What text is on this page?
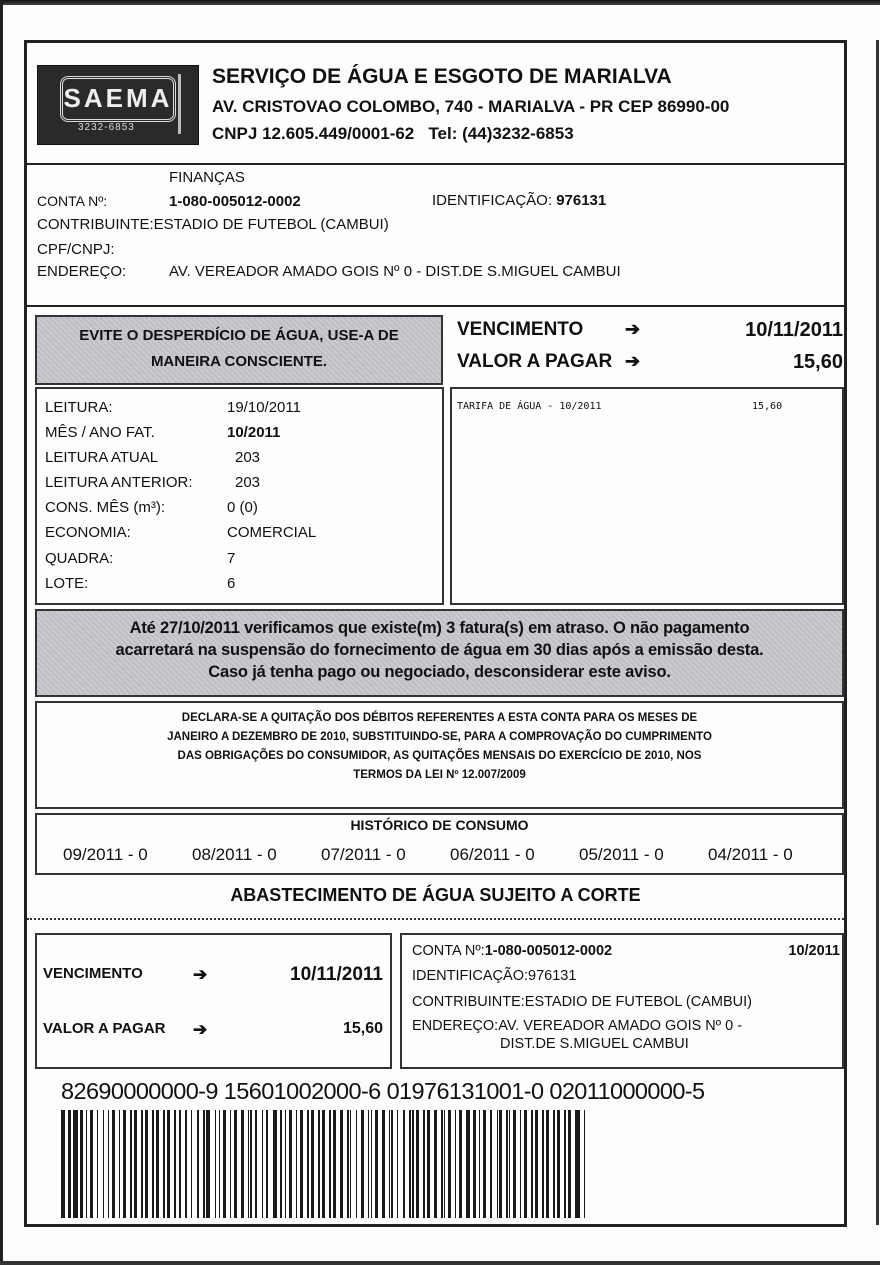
SAEMA
3232-6853
SERVIÇO DE ÁGUA E ESGOTO DE MARIALVA
AV. CRISTOVAO COLOMBO, 740 - MARIALVA - PR CEP 86990-00
CNPJ 12.605.449/0001-62 Tel: (44)3232-6853
FINANÇAS
CONTA Nº:	1-080-005012-0002	IDENTIFICAÇÃO: 976131
CONTRIBUINTE:ESTADIO DE FUTEBOL (CAMBUI)
CPF/CNPJ:
ENDEREÇO:	AV. VEREADOR AMADO GOIS Nº 0 - DIST.DE S.MIGUEL CAMBUI
EVITE O DESPERDÍCIO DE ÁGUA, USE-A DE
MANEIRA CONSCIENTE.
VENCIMENTO ➔	10/11/2011
VALOR A PAGAR ➔	15,60
LEITURA:	19/10/2011
MÊS / ANO FAT.	10/2011
LEITURA ATUAL	203
LEITURA ANTERIOR:	203
CONS. MÊS (m³):	0 (0)
ECONOMIA:	COMERCIAL
QUADRA:	7
LOTE:	6
TARIFA DE ÁGUA - 10/2011	15,60
Até 27/10/2011 verificamos que existe(m) 3 fatura(s) em atraso. O não pagamento
acarretará na suspensão do fornecimento de água em 30 dias após a emissão desta.
Caso já tenha pago ou negociado, desconsiderar este aviso.
DECLARA-SE A QUITAÇÃO DOS DÉBITOS REFERENTES A ESTA CONTA PARA OS MESES DE
JANEIRO A DEZEMBRO DE 2010, SUBSTITUINDO-SE, PARA A COMPROVAÇÃO DO CUMPRIMENTO
DAS OBRIGAÇÕES DO CONSUMIDOR, AS QUITAÇÕES MENSAIS DO EXERCÍCIO DE 2010, NOS
TERMOS DA LEI Nº 12.007/2009
HISTÓRICO DE CONSUMO
09/2011 - 0	08/2011 - 0	07/2011 - 0	06/2011 - 0	05/2011 - 0	04/2011 - 0
ABASTECIMENTO DE ÁGUA SUJEITO A CORTE
VENCIMENTO	➔	10/11/2011
VALOR A PAGAR ➔	15,60
CONTA Nº:1-080-005012-0002	10/2011
IDENTIFICAÇÃO:976131
CONTRIBUINTE:ESTADIO DE FUTEBOL (CAMBUI)
ENDEREÇO:AV. VEREADOR AMADO GOIS Nº 0 -
DIST.DE S.MIGUEL CAMBUI
82690000000-9 15601002000-6 01976131001-0 02011000000-5
